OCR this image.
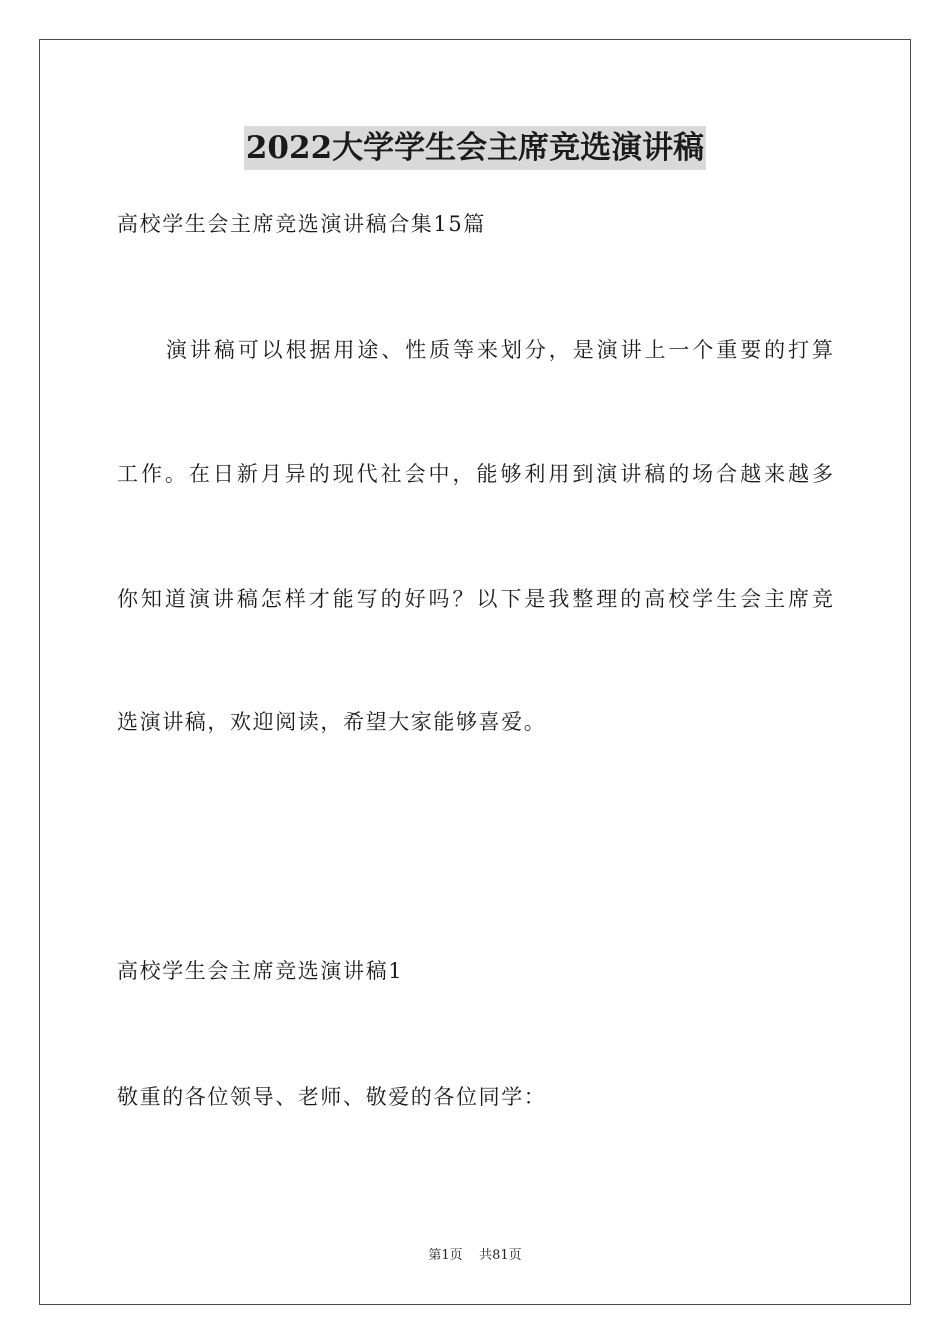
2022大学学生会主席竞选演讲稿
高校学生会主席竞选演讲稿合集15篇
演讲稿可以根据用途、性质等来划分，是演讲上一个重要的打算
工作。在日新月异的现代社会中，能够利用到演讲稿的场合越来越多
你知道演讲稿怎样才能写的好吗？以下是我整理的高校学生会主席竞
选演讲稿，欢迎阅读，希望大家能够喜爱。
高校学生会主席竞选演讲稿1
敬重的各位领导、老师、敬爱的各位同学：
第1页 共81页
